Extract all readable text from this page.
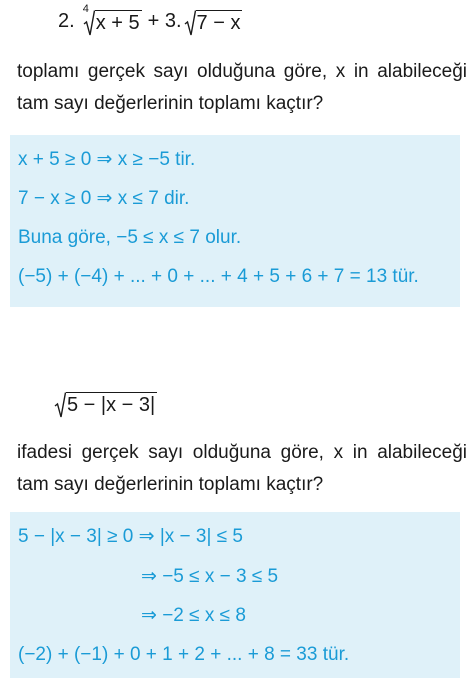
2 .
4
x + 5 + 3 . 7 − x
toplamı gerçek sayı olduğuna göre, x in alabileceği tam sayı değerlerinin toplamı kaçtır?
x + 5 ≥ 0 ⇒ x ≥ −5 tir.
7 − x ≥ 0 ⇒ x ≤ 7 dir.
Buna göre, −5 ≤ x ≤ 7 olur.
(−5) + (−4) + ... + 0 + ... + 4 + 5 + 6 + 7 = 13 tür.
5 − |x − 3|
ifadesi gerçek sayı olduğuna göre, x in alabileceği tam sayı değerlerinin toplamı kaçtır?
5 − |x − 3| ≥ 0 ⇒ |x − 3| ≤ 5
⇒ −5 ≤ x − 3 ≤ 5
⇒ −2 ≤ x ≤ 8
(−2) + (−1) + 0 + 1 + 2 + ... + 8 = 33 tür.
